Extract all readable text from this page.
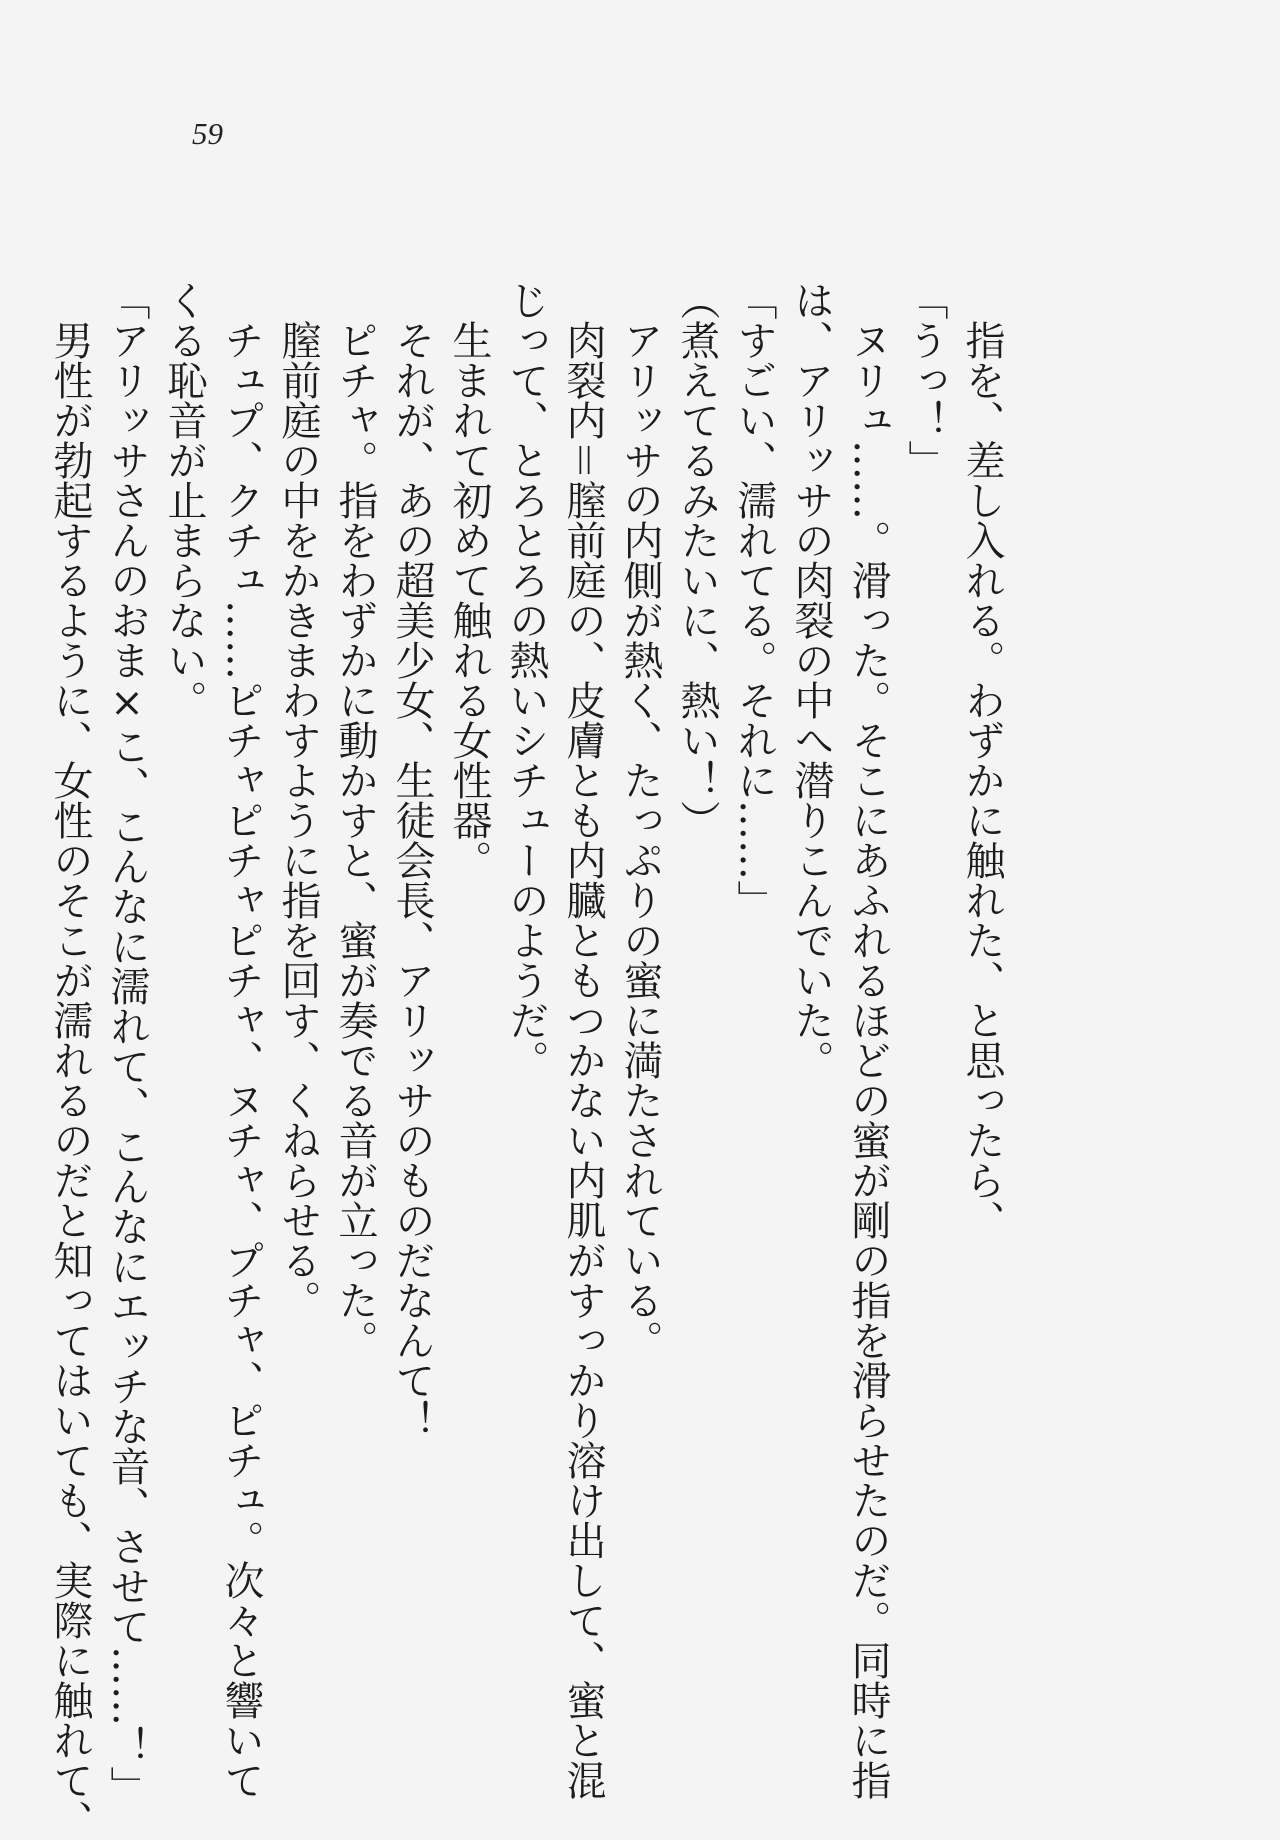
59

　指を、差し入れる。わずかに触れた、と思ったら、

「うっ！」

　ヌリュ……。滑った。そこにあふれるほどの蜜が剛の指を滑らせたのだ。同時に指

は、アリッサの肉裂の中へ潜りこんでいた。

「すごい、濡れてる。それに……」

（煮えてるみたいに、熱い！）

　アリッサの内側が熱く、たっぷりの蜜に満たされている。

　肉裂内＝膣前庭の、皮膚とも内臓ともつかない内肌がすっかり溶け出して、蜜と混

じって、とろとろの熱いシチューのようだ。

　生まれて初めて触れる女性器。

　それが、あの超美少女、生徒会長、アリッサのものだなんて！

　ピチャ。指をわずかに動かすと、蜜が奏でる音が立った。

　膣前庭の中をかきまわすように指を回す、くねらせる。

　チュプ、クチュ……ピチャピチャピチャ、ヌチャ、プチャ、ピチュ。次々と響いて

くる恥音が止まらない。

「アリッサさんのおま×こ、こんなに濡れて、こんなにエッチな音、させて……！」

　男性が勃起するように、女性のそこが濡れるのだと知ってはいても、実際に触れて、
